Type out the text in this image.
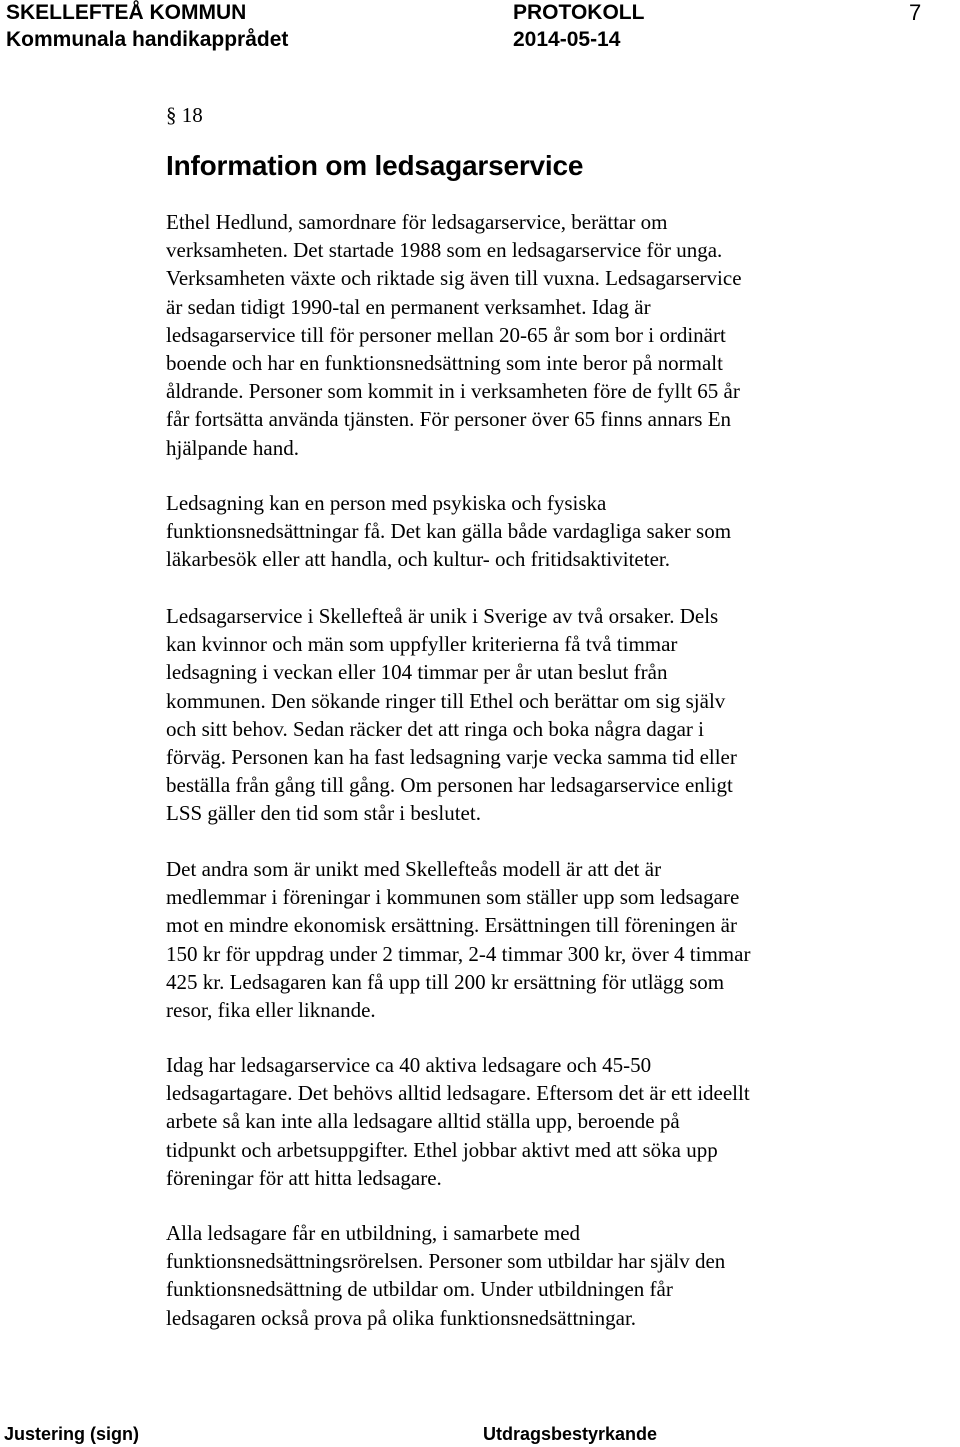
SKELLEFTEÅ KOMMUN
Kommunala handikapprådet
PROTOKOLL
2014-05-14
7
§ 18
Information om ledsagarservice
Ethel Hedlund, samordnare för ledsagarservice, berättar om
verksamheten. Det startade 1988 som en ledsagarservice för unga.
Verksamheten växte och riktade sig även till vuxna. Ledsagarservice
är sedan tidigt 1990-tal en permanent verksamhet. Idag är
ledsagarservice till för personer mellan 20-65 år som bor i ordinärt
boende och har en funktionsnedsättning som inte beror på normalt
åldrande. Personer som kommit in i verksamheten före de fyllt 65 år
får fortsätta använda tjänsten. För personer över 65 finns annars En
hjälpande hand.
Ledsagning kan en person med psykiska och fysiska
funktionsnedsättningar få. Det kan gälla både vardagliga saker som
läkarbesök eller att handla, och kultur- och fritidsaktiviteter.
Ledsagarservice i Skellefteå är unik i Sverige av två orsaker. Dels
kan kvinnor och män som uppfyller kriterierna få två timmar
ledsagning i veckan eller 104 timmar per år utan beslut från
kommunen. Den sökande ringer till Ethel och berättar om sig själv
och sitt behov. Sedan räcker det att ringa och boka några dagar i
förväg. Personen kan ha fast ledsagning varje vecka samma tid eller
beställa från gång till gång. Om personen har ledsagarservice enligt
LSS gäller den tid som står i beslutet.
Det andra som är unikt med Skellefteås modell är att det är
medlemmar i föreningar i kommunen som ställer upp som ledsagare
mot en mindre ekonomisk ersättning. Ersättningen till föreningen är
150 kr för uppdrag under 2 timmar, 2-4 timmar 300 kr, över 4 timmar
425 kr. Ledsagaren kan få upp till 200 kr ersättning för utlägg som
resor, fika eller liknande.
Idag har ledsagarservice ca 40 aktiva ledsagare och 45-50
ledsagartagare. Det behövs alltid ledsagare. Eftersom det är ett ideellt
arbete så kan inte alla ledsagare alltid ställa upp, beroende på
tidpunkt och arbetsuppgifter. Ethel jobbar aktivt med att söka upp
föreningar för att hitta ledsagare.
Alla ledsagare får en utbildning, i samarbete med
funktionsnedsättningsrörelsen. Personer som utbildar har själv den
funktionsnedsättning de utbildar om. Under utbildningen får
ledsagaren också prova på olika funktionsnedsättningar.
Justering (sign)	Utdragsbestyrkande
